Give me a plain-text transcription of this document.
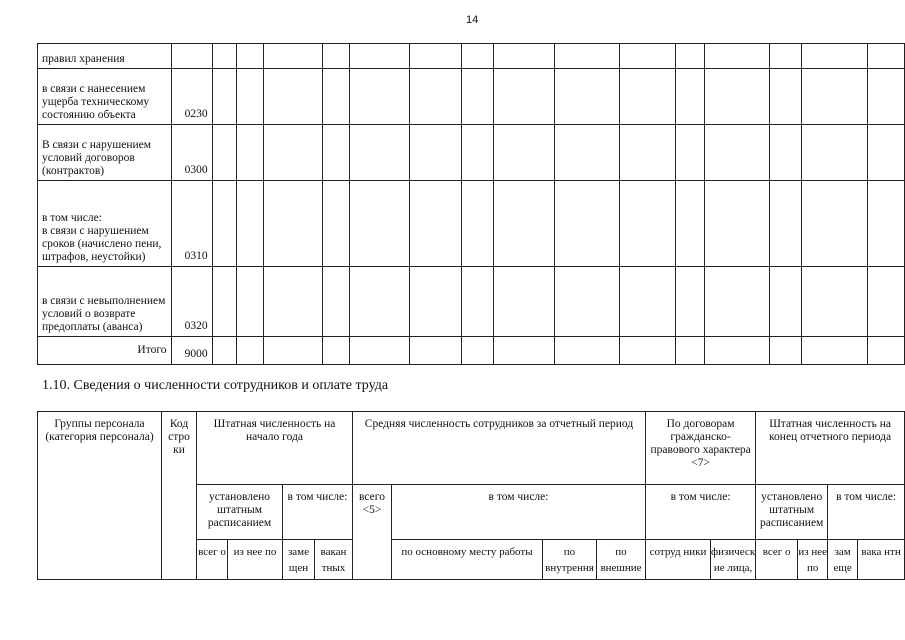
14
правил хранения																
в связи с нанесением ущерба техническому состоянию объекта	0230															
В связи с нарушением условий договоров (контрактов)	0300															
в том числе:
в связи с нарушением сроков (начислено пени, штрафов, неустойки)	0310															
в связи с невыполнением условий о возврате предоплаты (аванса)	0320															
Итого	9000															
1.10. Сведения о численности сотрудников и оплате труда
Группы персонала (категория персонала)	Код стро ки	Штатная численность на начало года				Средняя численность сотрудников за отчетный период				По договорам гражданско-правового характера <7>		Штатная численность на конец отчетного периода			
		установлено штатным расписанием		в том числе:		всего <5>	в том числе:			в том числе:		установлено штатным расписанием		в том числе:	
		всег о	из нее по	заме щен	вакан тных		по основному месту работы	по внутрення	по внешние	сотруд ники	физическ ие лица,	всег о	из нее по	зам еще	вака нтн
